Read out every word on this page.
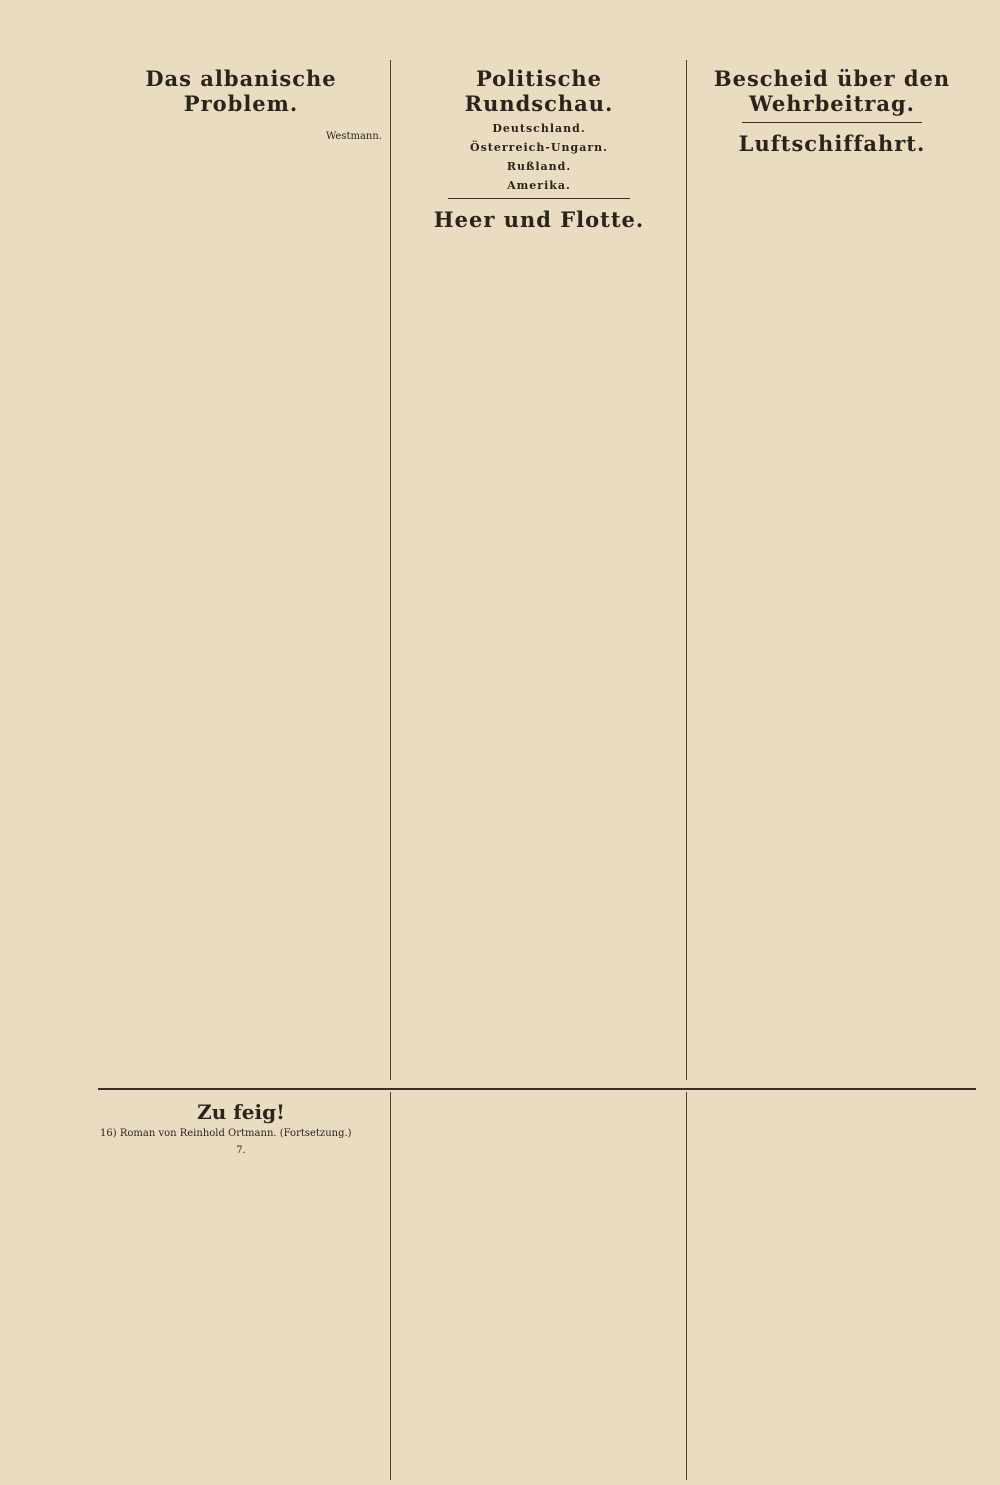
Das albanische Problem.
Westmann.
Politische Rundschau.
Deutschland.
Österreich-Ungarn.
Rußland.
Amerika.
Heer und Flotte.
Bescheid über den Wehrbeitrag.
Luftschiffahrt.
Zu feig!
16) Roman von Reinhold Ortmann. (Fortsetzung.)
7.
